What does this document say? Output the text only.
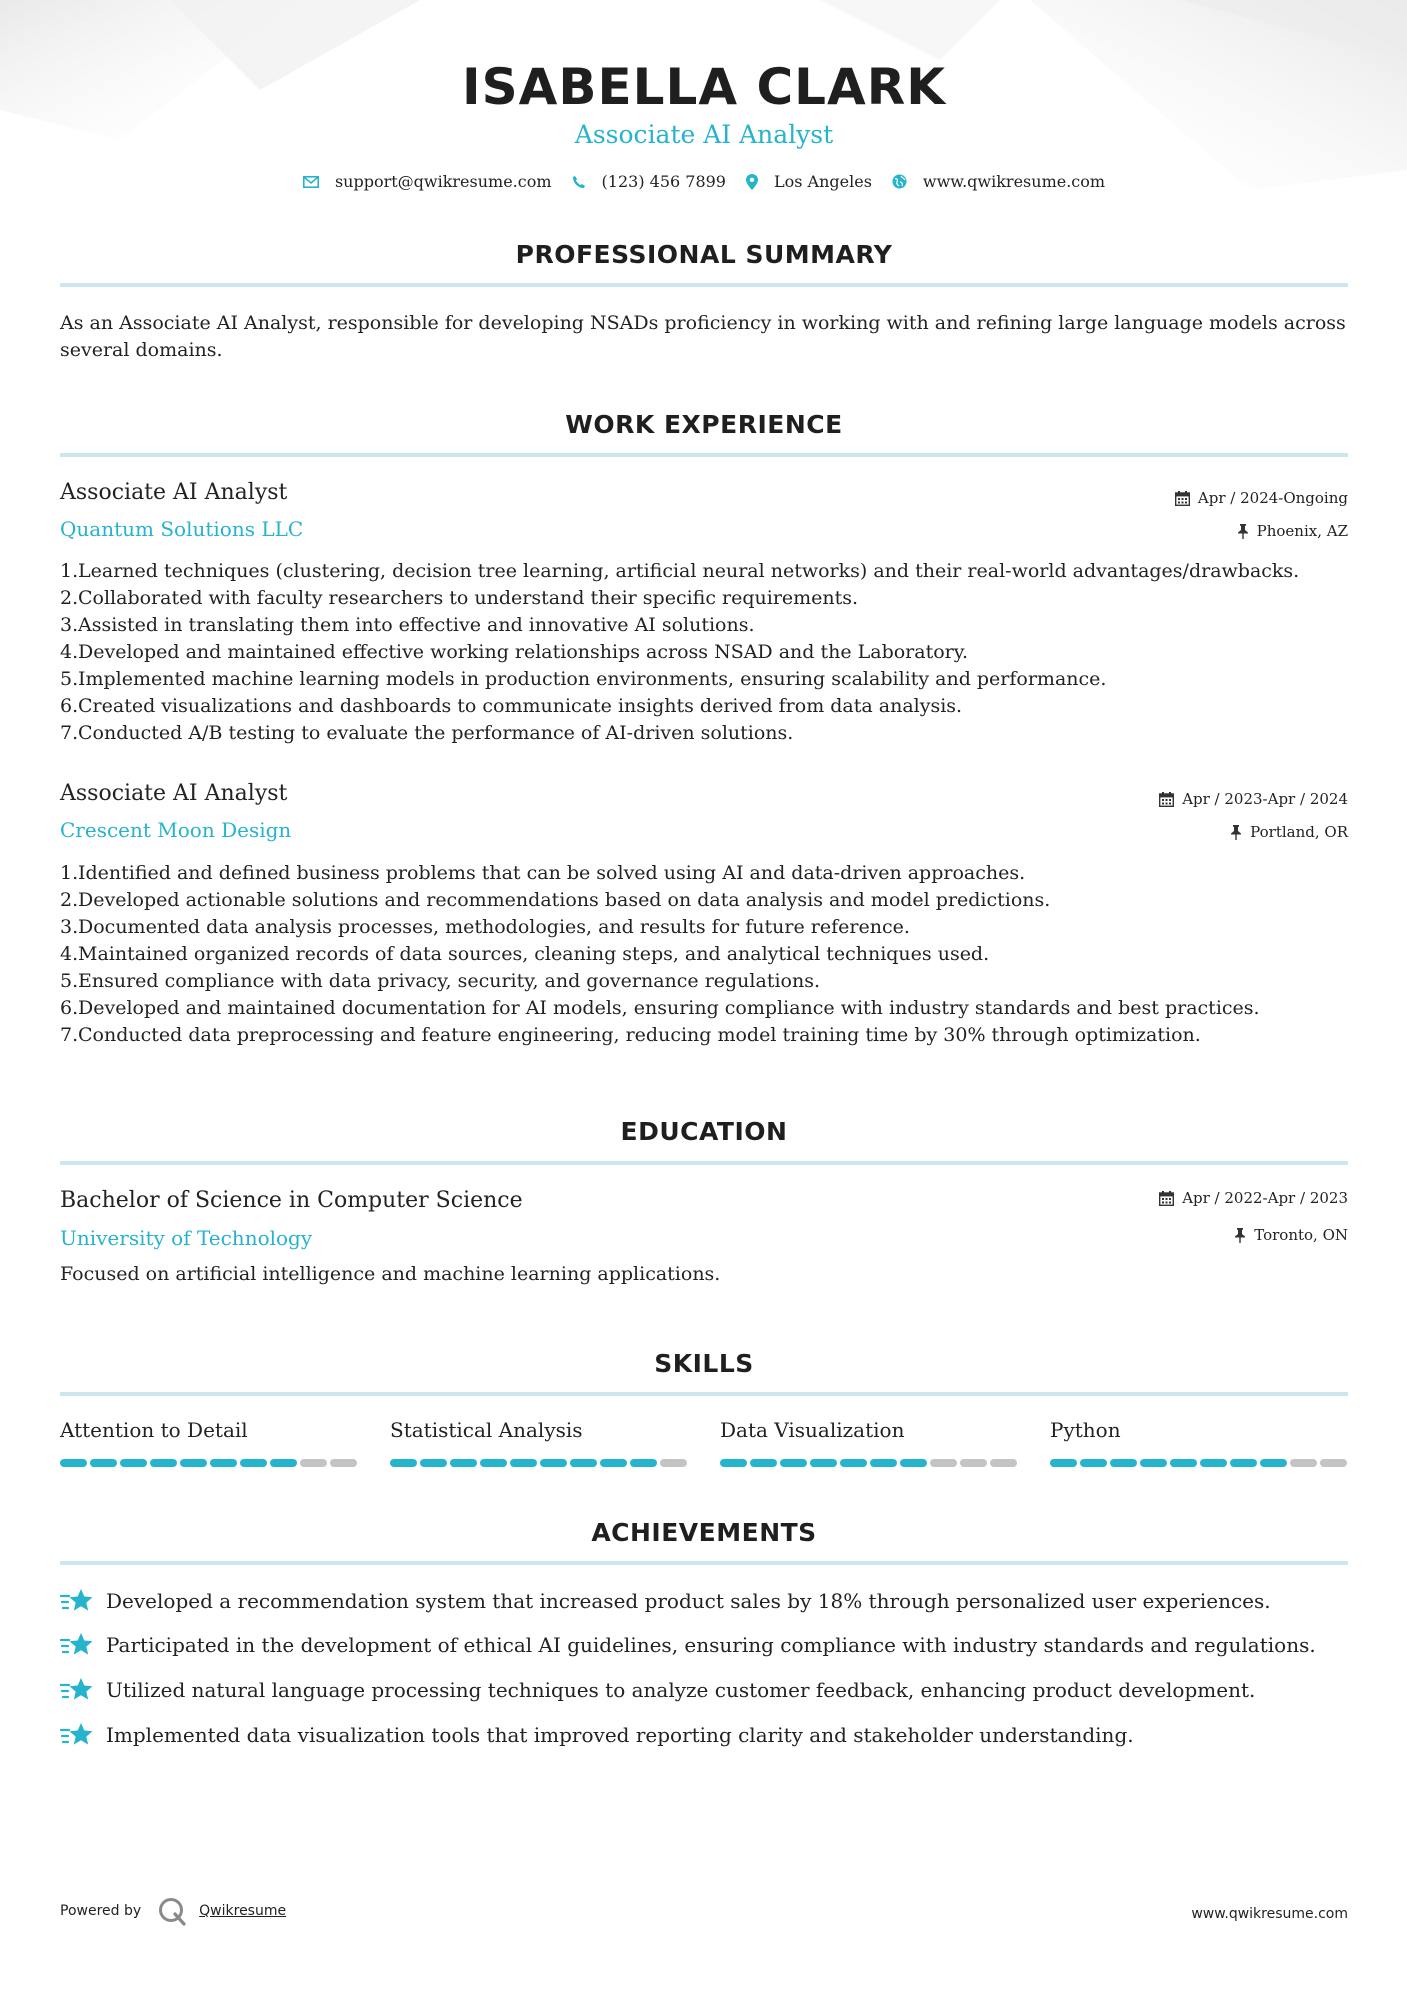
ISABELLA CLARK
Associate AI Analyst
support@qwikresume.com	(123) 456 7899	Los Angeles	www.qwikresume.com
PROFESSIONAL SUMMARY
As an Associate AI Analyst, responsible for developing NSADs proficiency in working with and refining large language models across several domains.
WORK EXPERIENCE
Associate AI Analyst	Apr / 2024-Ongoing
Quantum Solutions LLC	Phoenix, AZ
1. Learned techniques (clustering, decision tree learning, artificial neural networks) and their real-world advantages/drawbacks.
2. Collaborated with faculty researchers to understand their specific requirements.
3. Assisted in translating them into effective and innovative AI solutions.
4. Developed and maintained effective working relationships across NSAD and the Laboratory.
5. Implemented machine learning models in production environments, ensuring scalability and performance.
6. Created visualizations and dashboards to communicate insights derived from data analysis.
7. Conducted A/B testing to evaluate the performance of AI-driven solutions.
Associate AI Analyst	Apr / 2023-Apr / 2024
Crescent Moon Design	Portland, OR
1. Identified and defined business problems that can be solved using AI and data-driven approaches.
2. Developed actionable solutions and recommendations based on data analysis and model predictions.
3. Documented data analysis processes, methodologies, and results for future reference.
4. Maintained organized records of data sources, cleaning steps, and analytical techniques used.
5. Ensured compliance with data privacy, security, and governance regulations.
6. Developed and maintained documentation for AI models, ensuring compliance with industry standards and best practices.
7. Conducted data preprocessing and feature engineering, reducing model training time by 30% through optimization.
EDUCATION
Bachelor of Science in Computer Science	Apr / 2022-Apr / 2023
University of Technology	Toronto, ON
Focused on artificial intelligence and machine learning applications.
SKILLS
Attention to Detail	Statistical Analysis	Data Visualization	Python
ACHIEVEMENTS
Developed a recommendation system that increased product sales by 18% through personalized user experiences.
Participated in the development of ethical AI guidelines, ensuring compliance with industry standards and regulations.
Utilized natural language processing techniques to analyze customer feedback, enhancing product development.
Implemented data visualization tools that improved reporting clarity and stakeholder understanding.
Powered by	Qwikresume	www.qwikresume.com
